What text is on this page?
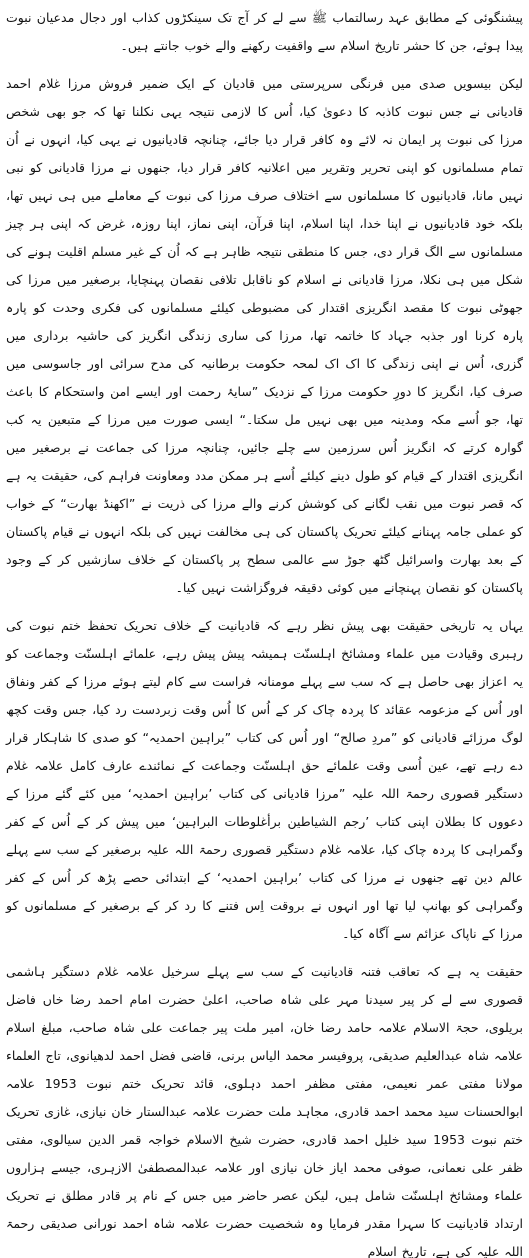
پیشنگوئی کے مطابق عہد رسالتماب ﷺ سے لے کر آج تک سینکڑوں کذاب اور دجال مدعیان نبوت پیدا ہوئے، جن کا حشر تاریخ اسلام سے واقفیت رکھنے والے خوب جانتے ہیں۔

لیکن بیسویں صدی میں فرنگی سرپرستی میں قادیان کے ایک ضمیر فروش مرزا غلام احمد قادیانی نے جس نبوت کاذبہ کا دعویٰ کیا، اُس کا لازمی نتیجہ یہی نکلنا تھا کہ جو بھی شخص مرزا کی نبوت پر ایمان نہ لائے وہ کافر قرار دیا جائے، چنانچہ قادیانیوں نے یہی کیا، انہوں نے اُن تمام مسلمانوں کو اپنی تحریر وتقریر میں اعلانیہ کافر قرار دیا، جنھوں نے مرزا قادیانی کو نبی نہیں مانا، قادیانیوں کا مسلمانوں سے اختلاف صرف مرزا کی نبوت کے معاملے میں ہی نہیں تھا، بلکہ خود قادیانیوں نے اپنا خدا، اپنا اسلام، اپنا قرآن، اپنی نماز، اپنا روزہ، غرض کہ اپنی ہر چیز مسلمانوں سے الگ قرار دی، جس کا منطقی نتیجہ ظاہر ہے کہ اُن کے غیر مسلم اقلیت ہونے کی شکل میں ہی نکلا، مرزا قادیانی نے اسلام کو ناقابل تلافی نقصان پہنچایا، برصغیر میں مرزا کی جھوٹی نبوت کا مقصد انگریزی اقتدار کی مضبوطی کیلئے مسلمانوں کی فکری وحدت کو پارہ پارہ کرنا اور جذبہ جہاد کا خاتمہ تھا، مرزا کی ساری زندگی انگریز کی حاشیہ برداری میں گزری، اُس نے اپنی زندگی کا اک اک لمحہ حکومت برطانیہ کی مدح سرائی اور جاسوسی میں صرف کیا، انگریز کا دورِ حکومت مرزا کے نزدیک ”سایۂ رحمت اور ایسے امن واستحکام کا باعث تھا، جو اُسے مکہ ومدینہ میں بھی نہیں مل سکتا۔“ ایسی صورت میں مرزا کے متبعین یہ کب گوارہ کرتے کہ انگریز اُس سرزمین سے چلے جائیں، چنانچہ مرزا کی جماعت نے برصغیر میں انگریزی اقتدار کے قیام کو طول دینے کیلئے اُسے ہر ممکن مدد ومعاونت فراہم کی، حقیقت یہ ہے کہ قصر نبوت میں نقب لگانے کی کوشش کرنے والے مرزا کی ذریت نے ”اکھنڈ بھارت“ کے خواب کو عملی جامہ پہنانے کیلئے تحریک پاکستان کی ہی مخالفت نہیں کی بلکہ انہوں نے قیام پاکستان کے بعد بھارت واسرائیل گٹھ جوڑ سے عالمی سطح پر پاکستان کے خلاف سازشیں کر کے وجود پاکستان کو نقصان پہنچانے میں کوئی دقیقہ فروگزاشت نہیں کیا۔

یہاں یہ تاریخی حقیقت بھی پیش نظر رہے کہ قادیانیت کے خلاف تحریک تحفظ ختم نبوت کی رہبری وقیادت میں علماء ومشائخ اہلسنّت ہمیشہ پیش پیش رہے، علمائے اہلسنّت وجماعت کو یہ اعزاز بھی حاصل ہے کہ سب سے پہلے مومنانہ فراست سے کام لیتے ہوئے مرزا کے کفر ونفاق اور اُس کے مزعومہ عقائد کا پردہ چاک کر کے اُس کا اُس وقت زبردست رد کیا، جس وقت کچھ لوگ مرزائے قادیانی کو ”مردِ صالح“ اور اُس کی کتاب ”براہین احمدیہ“ کو صدی کا شاہکار قرار دے رہے تھے، عین اُسی وقت علمائے حق اہلسنّت وجماعت کے نمائندے عارف کامل علامہ غلام دستگیر قصوری رحمۃ اللہ علیہ ”مرزا قادیانی کی کتاب ’براہین احمدیہ‘ میں کئے گئے مرزا کے دعووں کا بطلان اپنی کتاب ’رجم الشیاطین برأغلوطات البراہین‘ میں پیش کر کے اُس کے کفر وگمراہی کا پردہ چاک کیا، علامہ غلام دستگیر قصوری رحمۃ اللہ علیہ برصغیر کے سب سے پہلے عالم دین تھے جنھوں نے مرزا کی کتاب ’براہین احمدیہ‘ کے ابتدائی حصے پڑھ کر اُس کے کفر وگمراہی کو بھانپ لیا تھا اور انہوں نے بروقت اِس فتنے کا رد کر کے برصغیر کے مسلمانوں کو مرزا کے ناپاک عزائم سے آگاہ کیا۔

حقیقت یہ ہے کہ تعاقب فتنہ قادیانیت کے سب سے پہلے سرخیل علامہ غلام دستگیر ہاشمی قصوری سے لے کر پیر سیدنا مہر علی شاہ صاحب، اعلیٰ حضرت امام احمد رضا خاں فاضل بریلوی، حجۃ الاسلام علامہ حامد رضا خان، امیر ملت پیر جماعت علی شاہ صاحب، مبلغ اسلام علامہ شاہ عبدالعلیم صدیقی، پروفیسر محمد الیاس برنی، قاضی فضل احمد لدھیانوی، تاج العلماء مولانا مفتی عمر نعیمی، مفتی مظفر احمد دہلوی، قائد تحریک ختم نبوت 1953 علامہ ابوالحسنات سید محمد احمد قادری، مجاہد ملت حضرت علامہ عبدالستار خان نیازی، غازی تحریک ختم نبوت 1953 سید خلیل احمد قادری، حضرت شیخ الاسلام خواجہ قمر الدین سیالوی، مفتی ظفر علی نعمانی، صوفی محمد ایاز خان نیازی اور علامہ عبدالمصطفیٰ الازہری، جیسے ہزاروں علماء ومشائخ اہلسنّت شامل ہیں، لیکن عصر حاضر میں جس کے نام پر قادر مطلق نے تحریک ارتداد قادیانیت کا سہرا مقدر فرمایا وہ شخصیت حضرت علامہ شاہ احمد نورانی صدیقی رحمۃ اللہ علیہ کی ہے، تاریخ اسلام
